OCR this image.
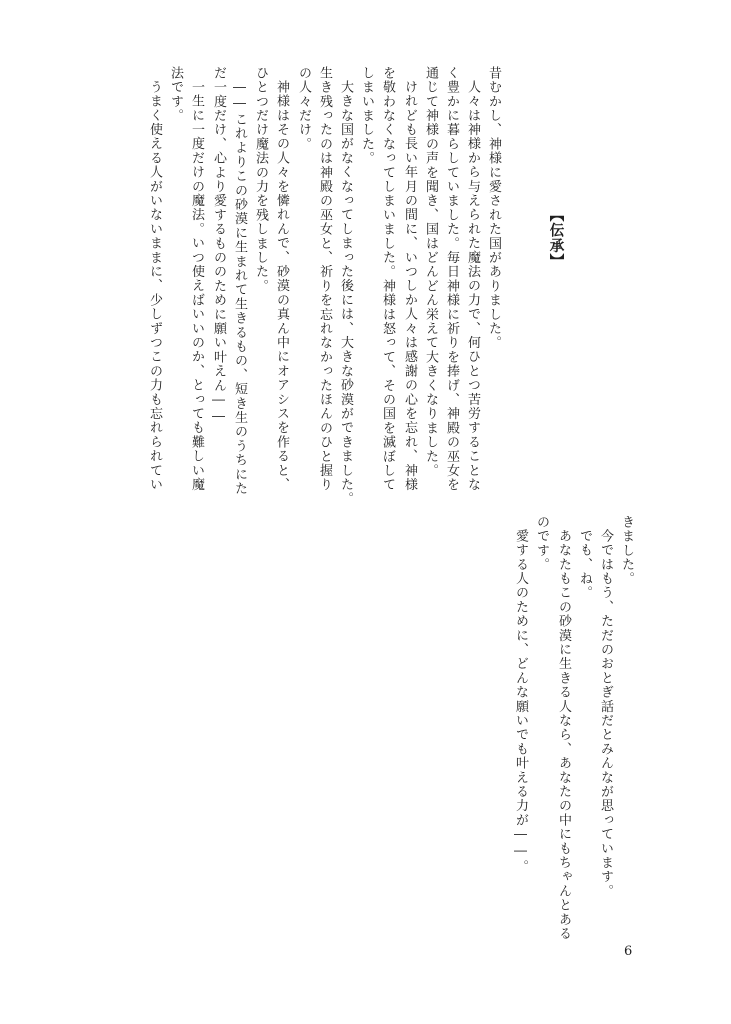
【伝承】
昔むかし、神様に愛された国がありました。
人々は神様から与えられた魔法の力で、何ひとつ苦労することな
く豊かに暮らしていました。毎日神様に祈りを捧げ、神殿の巫女を
通じて神様の声を聞き、国はどんどん栄えて大きくなりました。
けれども長い年月の間に、いつしか人々は感謝の心を忘れ、神様
を敬わなくなってしまいました。神様は怒って、その国を滅ぼして
しまいました。
大きな国がなくなってしまった後には、大きな砂漠ができました。
生き残ったのは神殿の巫女と、祈りを忘れなかったほんのひと握り
の人々だけ。
神様はその人々を憐れんで、砂漠の真ん中にオアシスを作ると、
ひとつだけ魔法の力を残しました。
――これよりこの砂漠に生まれて生きるもの、短き生のうちにた
だ一度だけ、心より愛するもののために願い叶えん――
一生に一度だけの魔法。いつ使えばいいのか、とっても難しい魔
法です。
うまく使える人がいないままに、少しずつこの力も忘れられてい
きました。
今ではもう、ただのおとぎ話だとみんなが思っています。
でも、ね。
あなたもこの砂漠に生きる人なら、あなたの中にもちゃんとある
のです。
愛する人のために、どんな願いでも叶える力が――。
6
